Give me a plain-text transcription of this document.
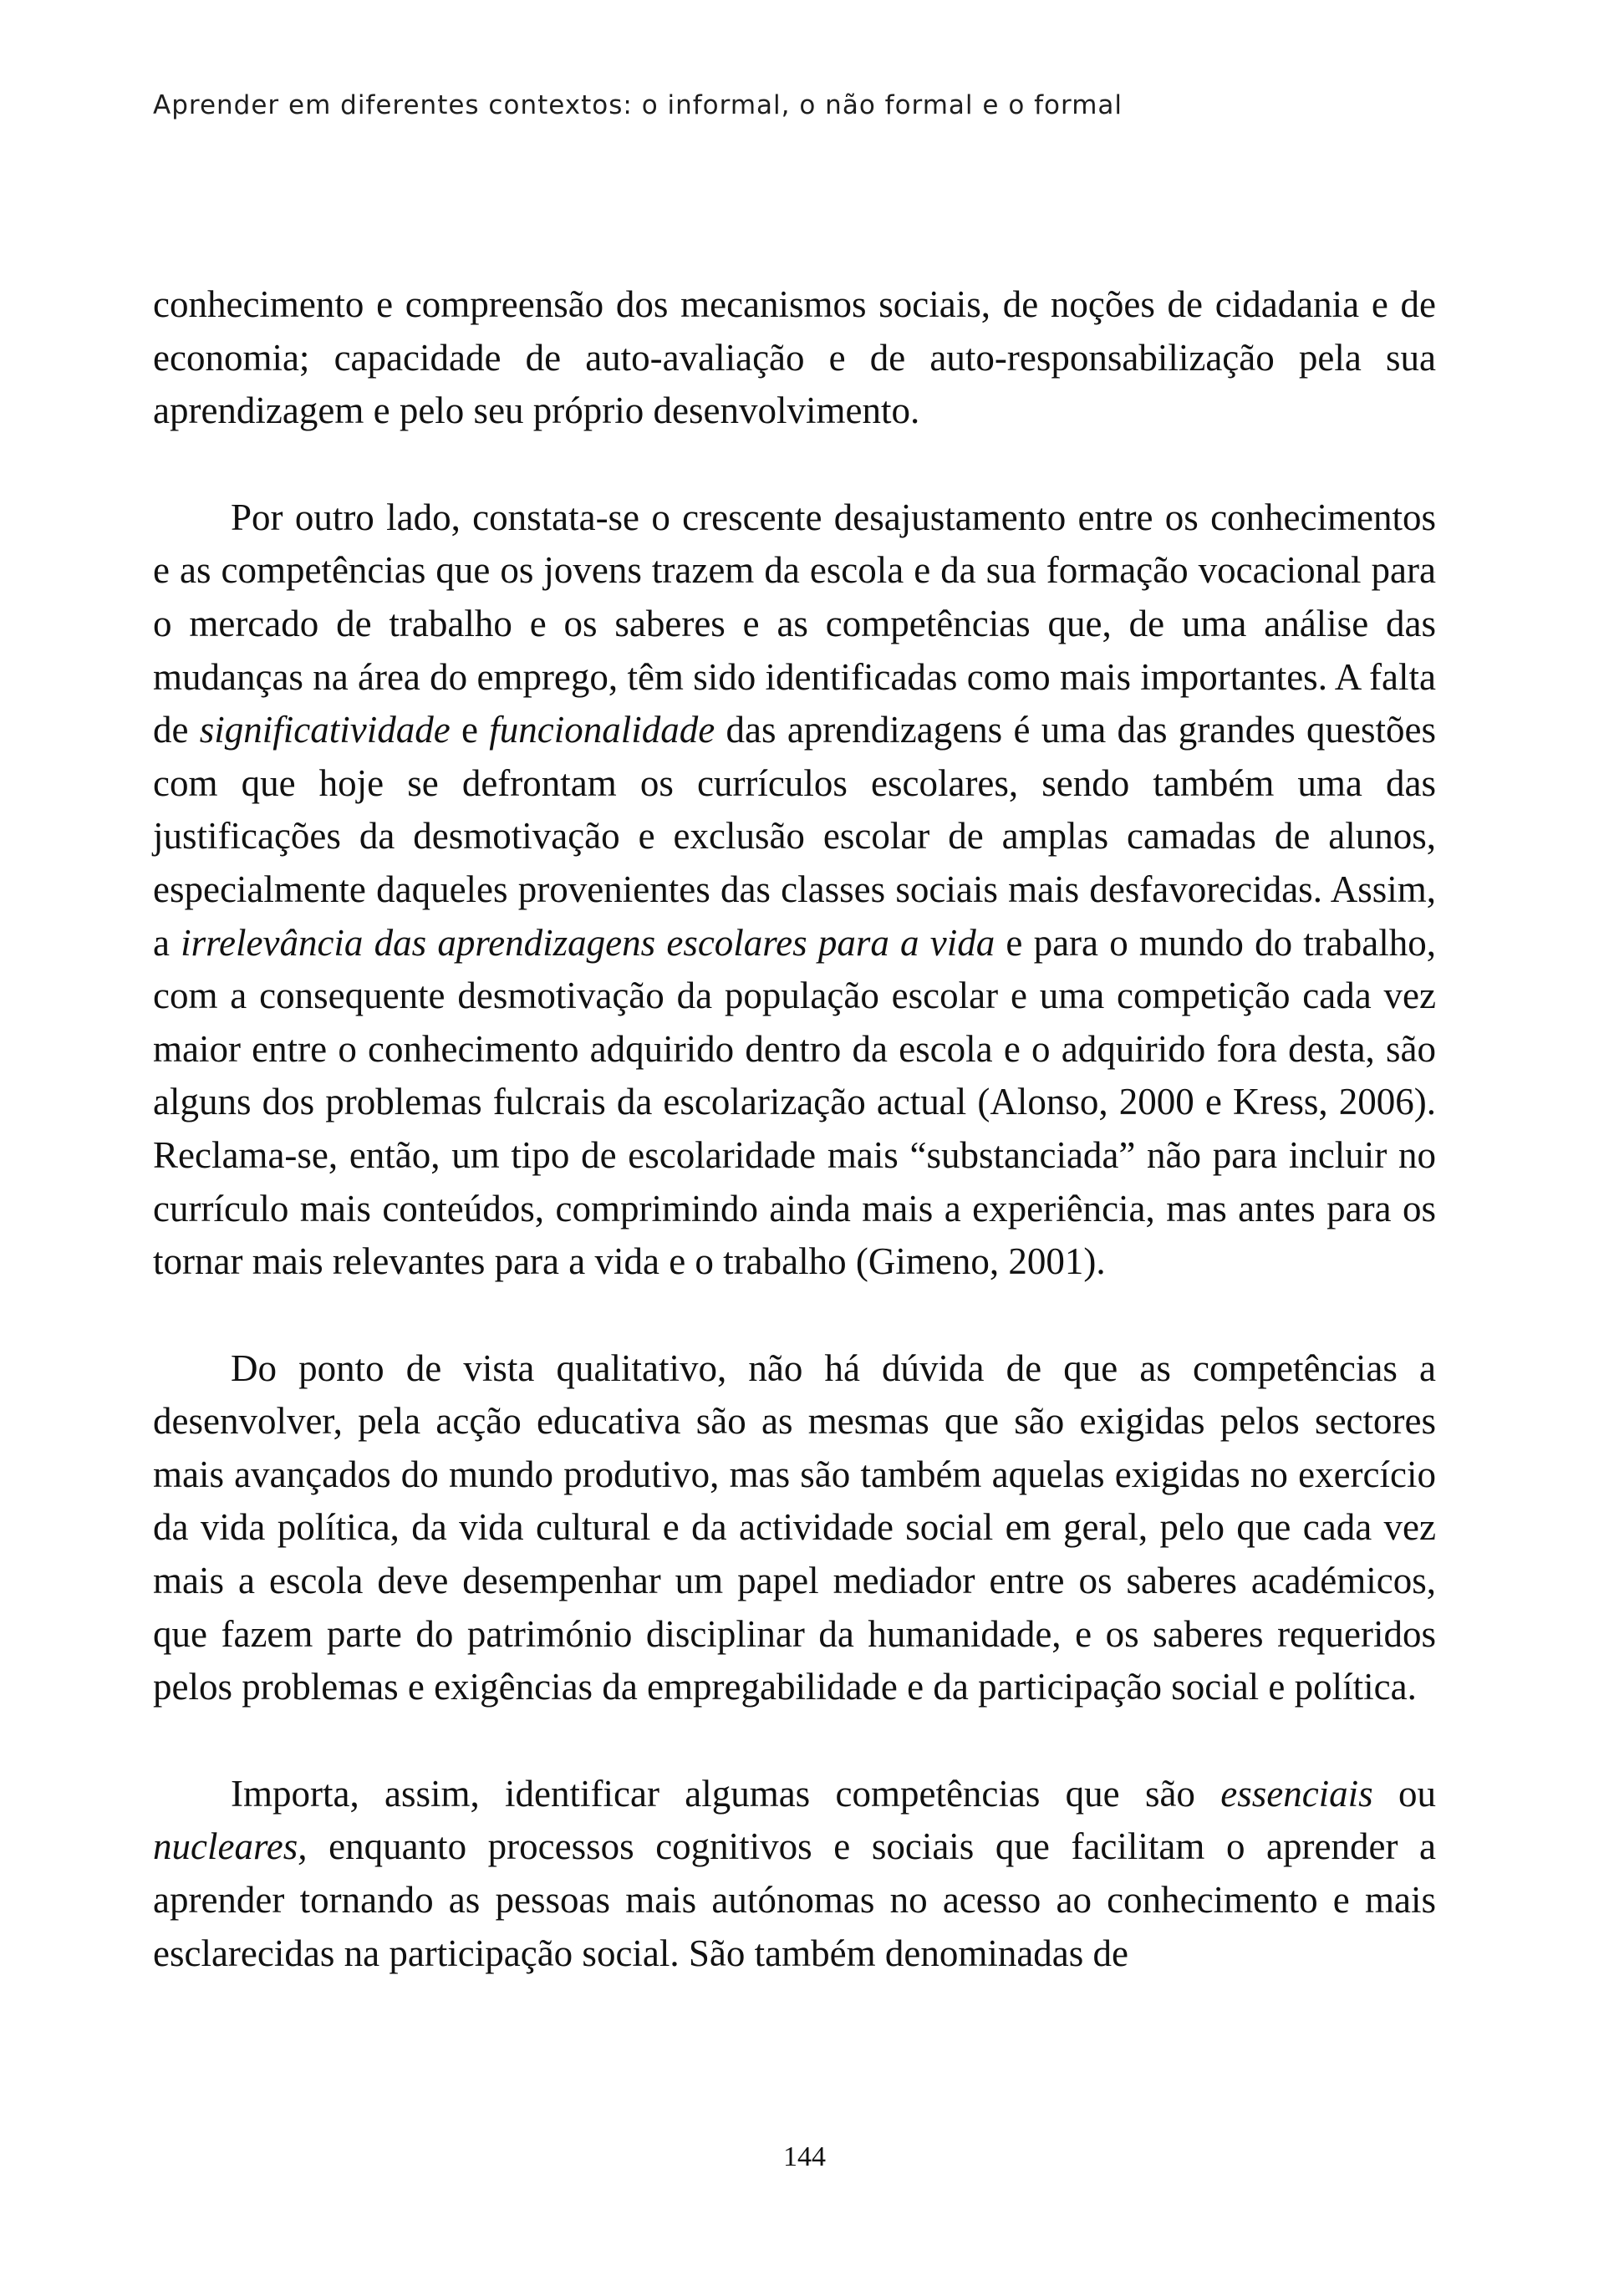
Aprender em diferentes contextos: o informal, o não formal e o formal

conhecimento e compreensão dos mecanismos sociais, de noções de cidadania e de economia; capacidade de auto-avaliação e de auto-responsabilização pela sua aprendizagem e pelo seu próprio desenvolvimento.

Por outro lado, constata-se o crescente desajustamento entre os conhecimentos e as competências que os jovens trazem da escola e da sua formação vocacional para o mercado de trabalho e os saberes e as competências que, de uma análise das mudanças na área do emprego, têm sido identificadas como mais importantes. A falta de significatividade e funcionalidade das aprendizagens é uma das grandes questões com que hoje se defrontam os currículos escolares, sendo também uma das justificações da desmotivação e exclusão escolar de amplas camadas de alunos, especialmente daqueles provenientes das classes sociais mais desfavorecidas. Assim, a irrelevância das aprendizagens escolares para a vida e para o mundo do trabalho, com a consequente desmotivação da população escolar e uma competição cada vez maior entre o conhecimento adquirido dentro da escola e o adquirido fora desta, são alguns dos problemas fulcrais da escolarização actual (Alonso, 2000 e Kress, 2006). Reclama-se, então, um tipo de escolaridade mais “substanciada” não para incluir no currículo mais conteúdos, comprimindo ainda mais a experiência, mas antes para os tornar mais relevantes para a vida e o trabalho (Gimeno, 2001).

Do ponto de vista qualitativo, não há dúvida de que as competências a desenvolver, pela acção educativa são as mesmas que são exigidas pelos sectores mais avançados do mundo produtivo, mas são também aquelas exigidas no exercício da vida política, da vida cultural e da actividade social em geral, pelo que cada vez mais a escola deve desempenhar um papel mediador entre os saberes académicos, que fazem parte do património disciplinar da humanidade, e os saberes requeridos pelos problemas e exigências da empregabilidade e da participação social e política.

Importa, assim, identificar algumas competências que são essenciais ou nucleares, enquanto processos cognitivos e sociais que facilitam o aprender a aprender tornando as pessoas mais autónomas no acesso ao conhecimento e mais esclarecidas na participação social. São também denominadas de

144
